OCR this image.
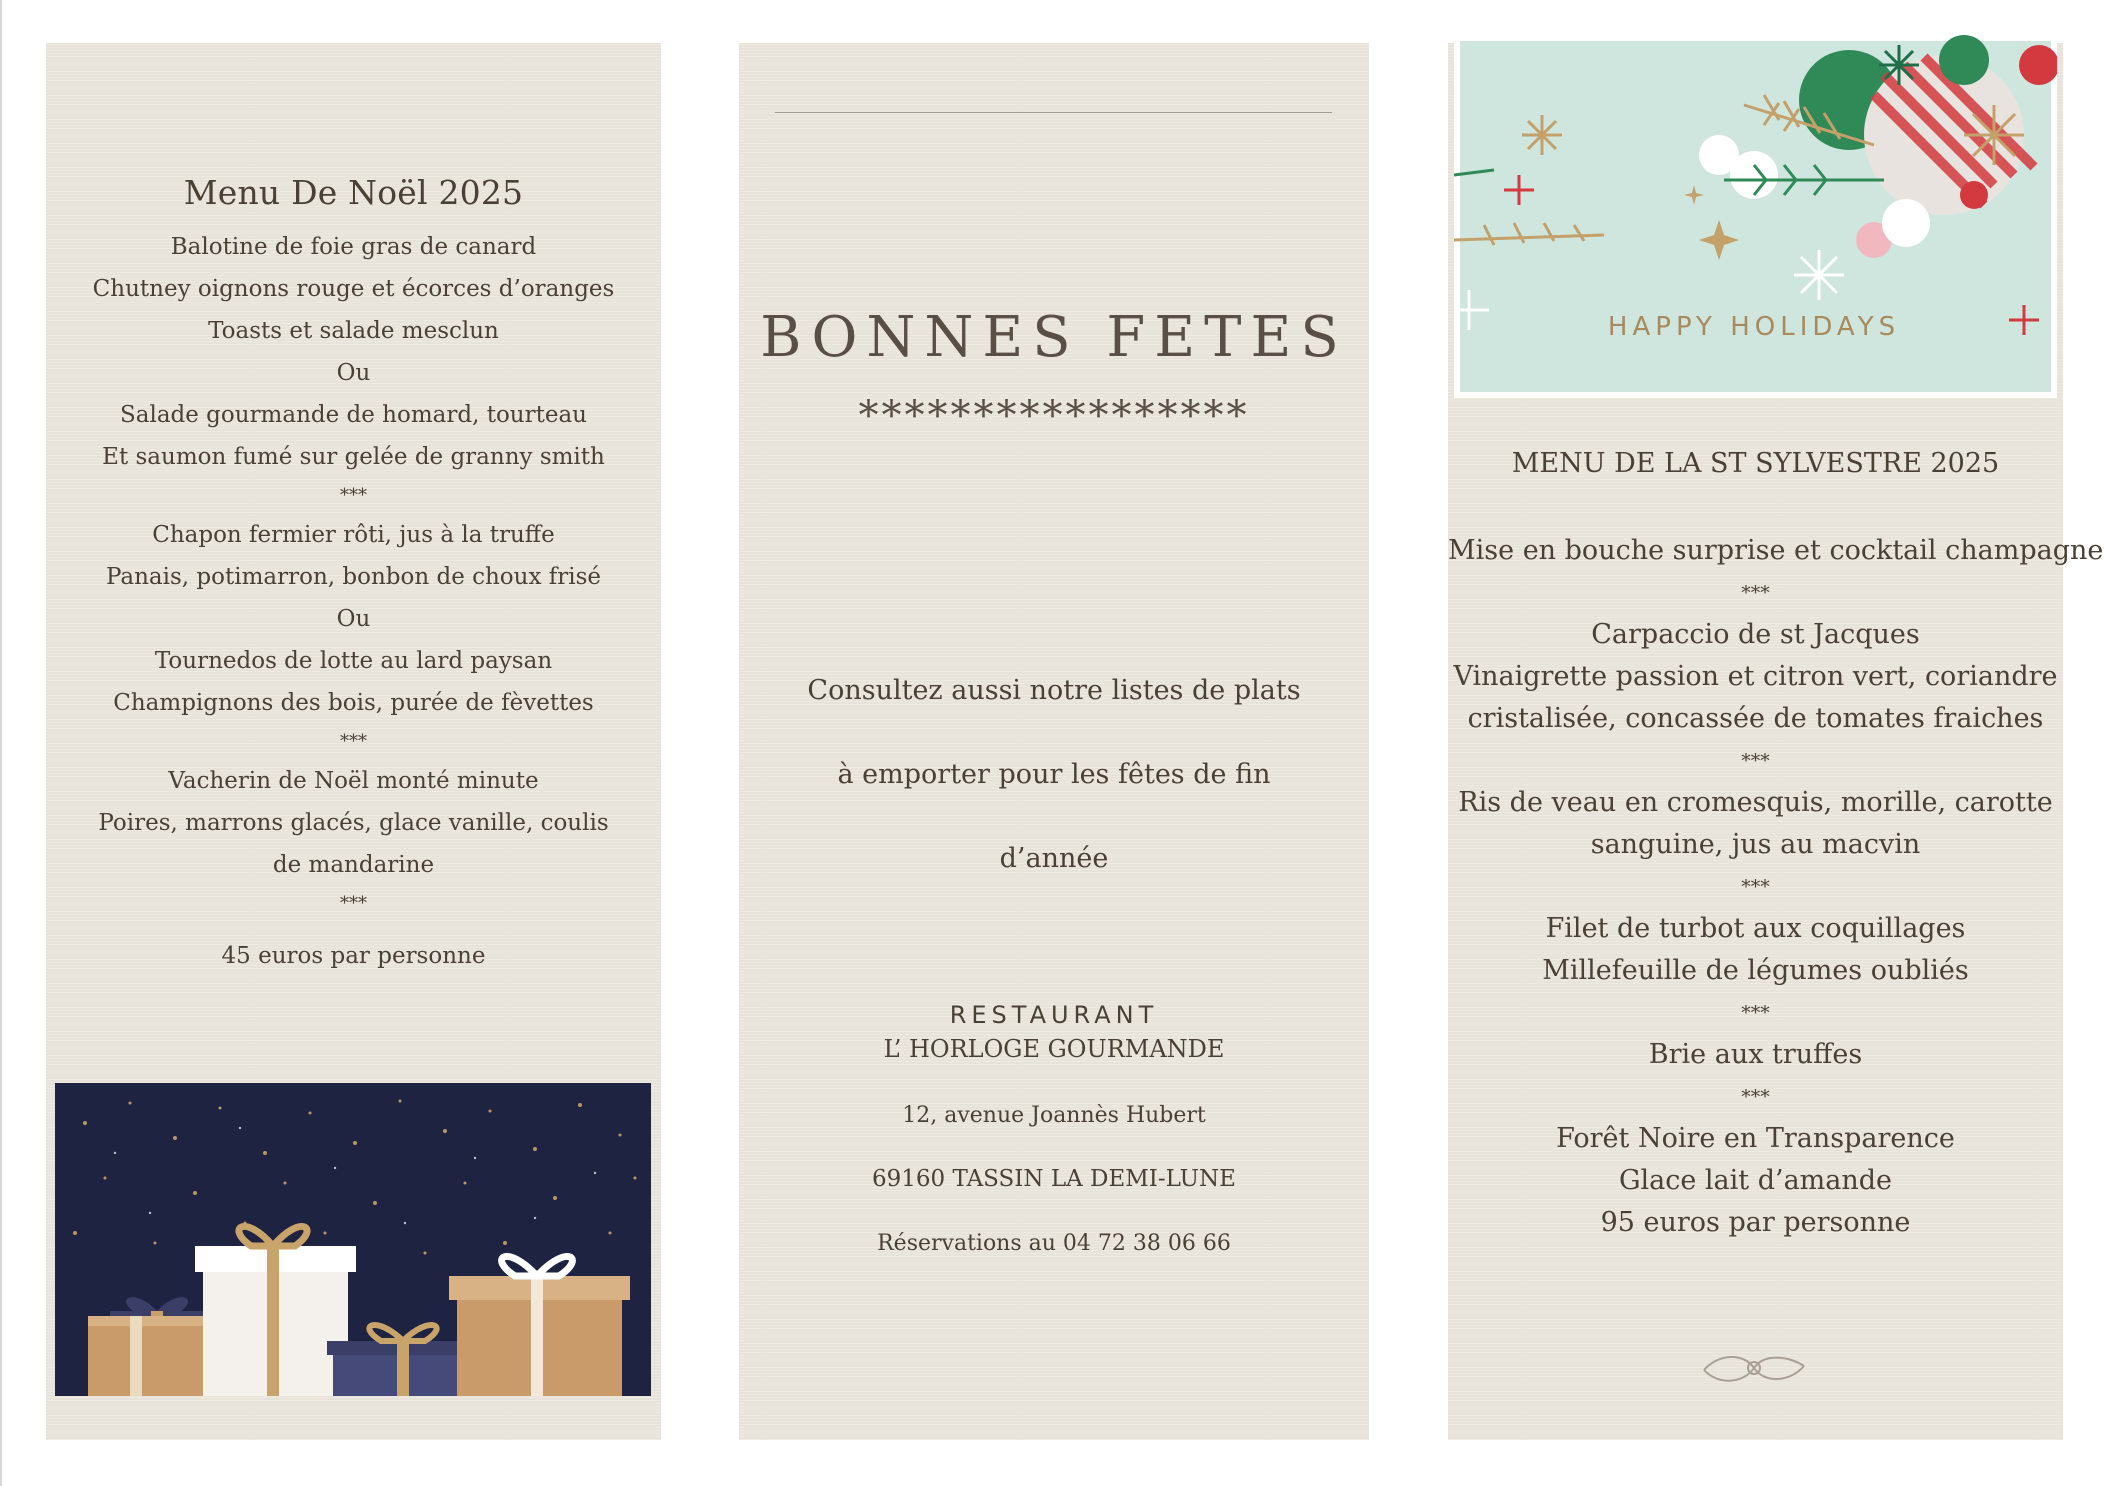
Menu De Noël 2025
Balotine de foie gras de canard
Chutney oignons rouge et écorces d’oranges
Toasts et salade mesclun
Ou
Salade gourmande de homard, tourteau
Et saumon fumé sur gelée de granny smith
***
Chapon fermier rôti, jus à la truffe
Panais, potimarron, bonbon de choux frisé
Ou
Tournedos de lotte au lard paysan
Champignons des bois, purée de fèvettes
***
Vacherin de Noël monté minute
Poires, marrons glacés, glace vanille, coulis de mandarine
***
45 euros par personne
BONNES FETES
*****************
Consultez aussi notre listes de plats
à emporter pour les fêtes de fin
d’année
RESTAURANT
L’ HORLOGE GOURMANDE
12, avenue Joannès Hubert
69160 TASSIN LA DEMI-LUNE
Réservations au 04 72 38 06 66
HAPPY HOLIDAYS
MENU DE LA ST SYLVESTRE 2025
Mise en bouche surprise et cocktail champagne
***
Carpaccio de st Jacques
Vinaigrette passion et citron vert, coriandre
cristalisée, concassée de tomates fraiches
***
Ris de veau en cromesquis, morille, carotte
sanguine, jus au macvin
***
Filet de turbot aux coquillages
Millefeuille de légumes oubliés
***
Brie aux truffes
***
Forêt Noire en Transparence
Glace lait d’amande
95 euros par personne
